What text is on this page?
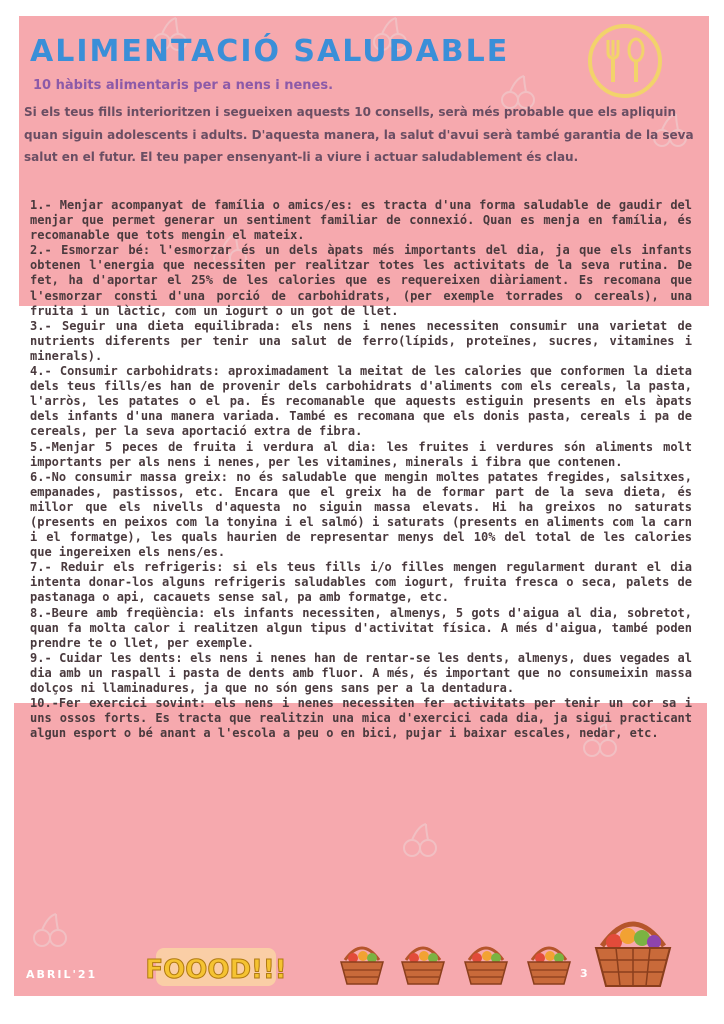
ALIMENTACIÓ SALUDABLE
10 hàbits alimentaris per a nens i nenes.
Si els teus fills interioritzen i segueixen aquests 10 consells, serà més probable que els apliquin quan siguin adolescents i adults. D'aquesta manera, la salut d'avui serà també garantia de la seva salut en el futur. El teu paper ensenyant-li a viure i actuar saludablement és clau.

1.- Menjar acompanyat de família o amics/es: es tracta d'una forma saludable de gaudir del menjar que permet generar un sentiment familiar de connexió. Quan es menja en família, és recomanable que tots mengin el mateix.

2.- Esmorzar bé: l'esmorzar és un dels àpats més importants del dia, ja que els infants obtenen l'energia que necessiten per realitzar totes les activitats de la seva rutina. De fet, ha d'aportar el 25% de les calories que es requereixen diàriament. Es recomana que l'esmorzar consti d'una porció de carbohidrats, (per exemple torrades o cereals), una fruita i un làctic, com un iogurt o un got de llet.

3.- Seguir una dieta equilibrada: els nens i nenes necessiten consumir una varietat de nutrients diferents per tenir una salut de ferro(lípids, proteïnes, sucres, vitamines i minerals).

4.- Consumir carbohidrats: aproximadament la meitat de les calories que conformen la dieta dels teus fills/es han de provenir dels carbohidrats d'aliments com els cereals, la pasta, l'arròs, les patates o el pa. És recomanable que aquests estiguin presents en els àpats dels infants d'una manera variada. També es recomana que els donis pasta, cereals i pa de cereals, per la seva aportació extra de fibra.

5.-Menjar 5 peces de fruita i verdura al dia: les fruites i verdures són aliments molt importants per als nens i nenes, per les vitamines, minerals i fibra que contenen.

6.-No consumir massa greix: no és saludable que mengin moltes patates fregides, salsitxes, empanades, pastissos, etc. Encara que el greix ha de formar part de la seva dieta, és millor que els nivells d'aquesta no siguin massa elevats. Hi ha greixos no saturats (presents en peixos com la tonyina i el salmó) i saturats (presents en aliments com la carn i el formatge), les quals haurien de representar menys del 10% del total de les calories que ingereixen els nens/es.

7.- Reduir els refrigeris: si els teus fills i/o filles mengen regularment durant el dia intenta donar-los alguns refrigeris saludables com iogurt, fruita fresca o seca, palets de pastanaga o api, cacauets sense sal, pa amb formatge, etc.

8.-Beure amb freqüència: els infants necessiten, almenys, 5 gots d'aigua al dia, sobretot, quan fa molta calor i realitzen algun tipus d'activitat física. A més d'aigua, també poden prendre te o llet, per exemple.

9.- Cuidar les dents: els nens i nenes han de rentar-se les dents, almenys, dues vegades al dia amb un raspall i pasta de dents amb fluor. A més, és important que no consumeixin massa dolços ni llaminadures, ja que no són gens sans per a la dentadura.

10.-Fer exercici sovint: els nens i nenes necessiten fer activitats per tenir un cor sa i uns ossos forts. Es tracta que realitzin una mica d'exercici cada dia, ja sigui practicant algun esport o bé anant a l'escola a peu o en bici, pujar i baixar escales, nedar, etc.

ABRIL'21 FOOOD!!!	3
